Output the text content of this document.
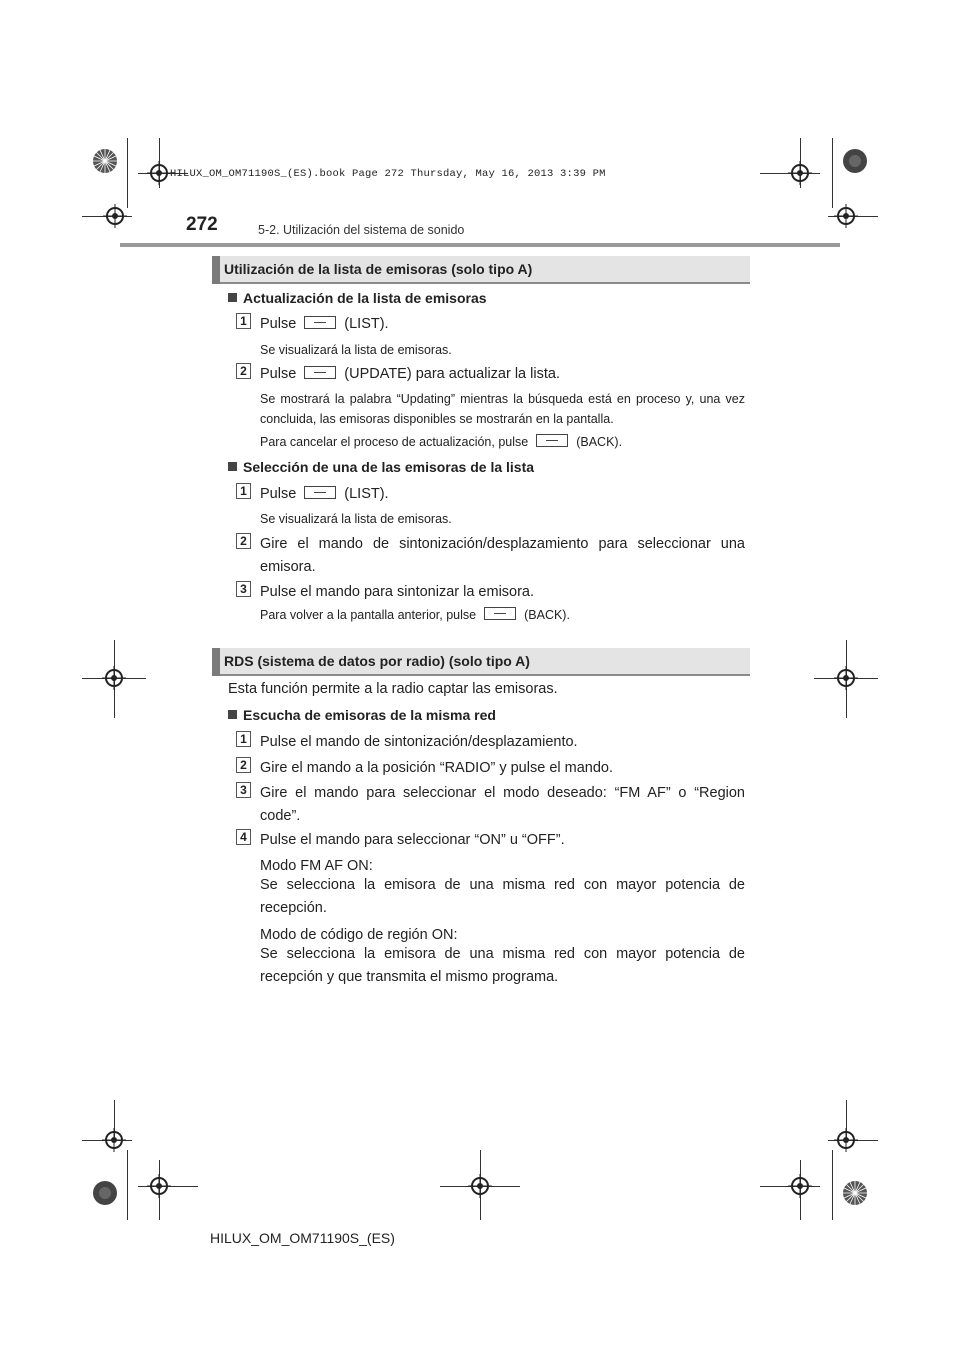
HILUX_OM_OM71190S_(ES).book Page 272 Thursday, May 16, 2013 3:39 PM
272	5-2. Utilización del sistema de sonido
Utilización de la lista de emisoras (solo tipo A)
Actualización de la lista de emisoras
1 Pulse	(LIST).
Se visualizará la lista de emisoras.
2 Pulse	(UPDATE) para actualizar la lista.
Se mostrará la palabra “Updating” mientras la búsqueda está en proceso y, una vez concluida, las emisoras disponibles se mostrarán en la pantalla.
Para cancelar el proceso de actualización, pulse	(BACK).
Selección de una de las emisoras de la lista
1 Pulse	(LIST).
Se visualizará la lista de emisoras.
2 Gire el mando de sintonización/desplazamiento para seleccionar una emisora.
3 Pulse el mando para sintonizar la emisora.
Para volver a la pantalla anterior, pulse	(BACK).
RDS (sistema de datos por radio) (solo tipo A)
Esta función permite a la radio captar las emisoras.
Escucha de emisoras de la misma red
1 Pulse el mando de sintonización/desplazamiento.
2 Gire el mando a la posición “RADIO” y pulse el mando.
3 Gire el mando para seleccionar el modo deseado: “FM AF” o “Region code”.
4 Pulse el mando para seleccionar “ON” u “OFF”.
Modo FM AF ON:
Se selecciona la emisora de una misma red con mayor potencia de recepción.
Modo de código de región ON:
Se selecciona la emisora de una misma red con mayor potencia de recepción y que transmita el mismo programa.
HILUX_OM_OM71190S_(ES)
